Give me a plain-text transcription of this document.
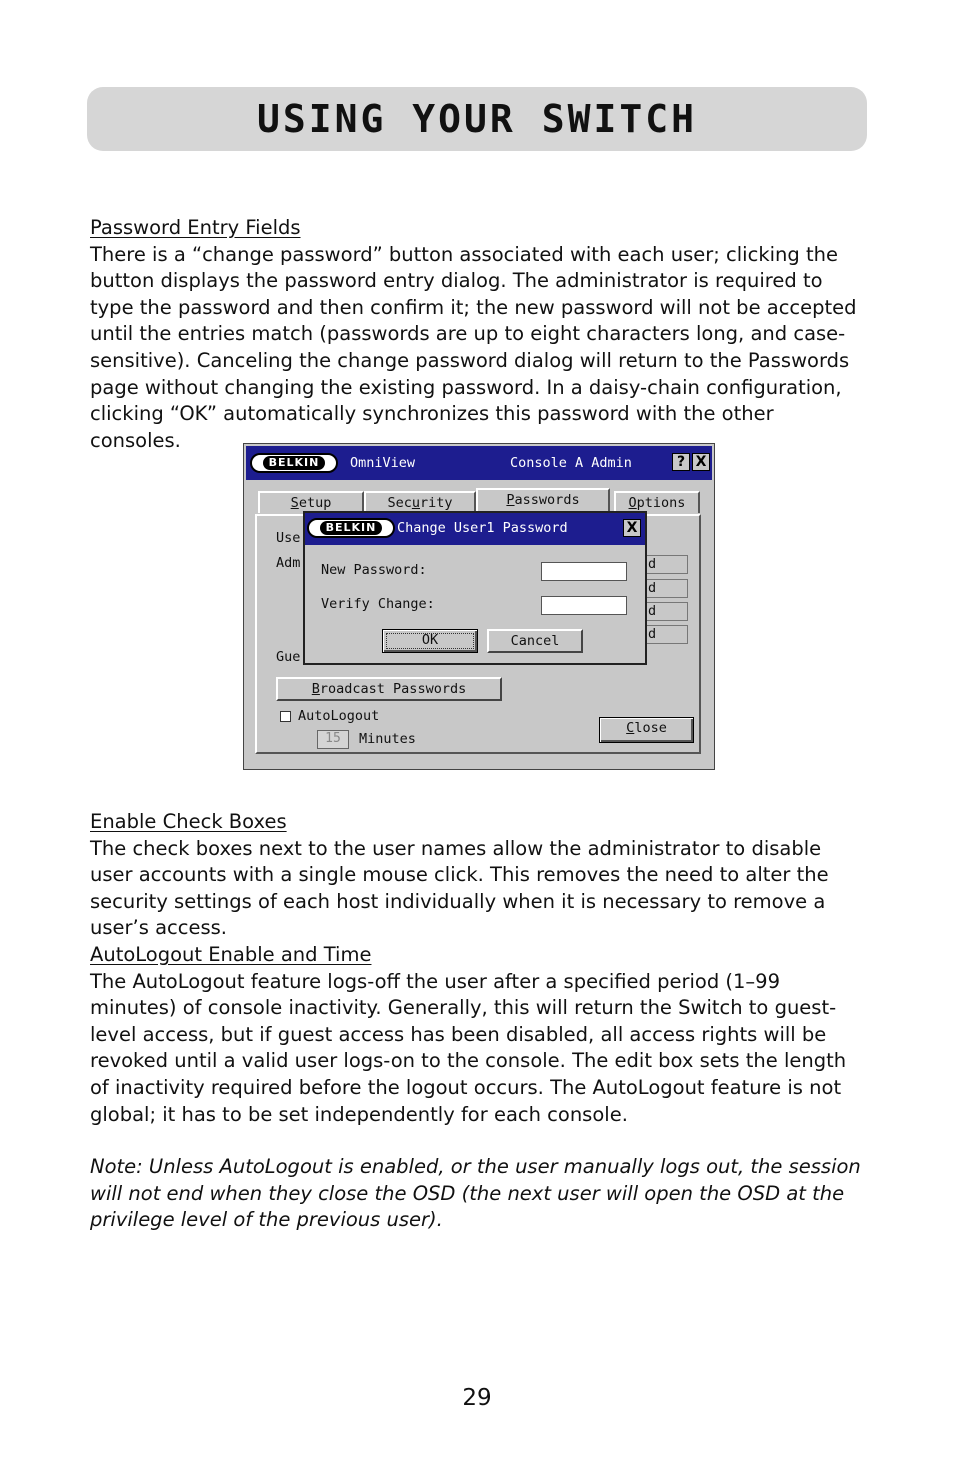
USING YOUR SWITCH
Password Entry Fields

There is a “change password” button associated with each user; clicking the button displays the password entry dialog. The administrator is required to type the password and then confirm it; the new password will not be accepted until the entries match (passwords are up to eight characters long, and case-sensitive). Canceling the change password dialog will return to the Passwords page without changing the existing password. In a daisy-chain configuration, clicking “OK” automatically synchronizes this password with the other consoles.

BELKIN	OmniView	Console A Admin	? X
Setup	Security	Passwords	Options
Use
Adm
Gue
d
d
d
d
Broadcast Passwords
AutoLogout
15	Minutes
Close
BELKIN	Change User1 Password	X
New Password:
Verify Change:
OK	Cancel
Enable Check Boxes

The check boxes next to the user names allow the administrator to disable user accounts with a single mouse click. This removes the need to alter the security settings of each host individually when it is necessary to remove a user’s access.

AutoLogout Enable and Time

The AutoLogout feature logs-off the user after a specified period (1–99 minutes) of console inactivity. Generally, this will return the Switch to guest-level access, but if guest access has been disabled, all access rights will be revoked until a valid user logs-on to the console. The edit box sets the length of inactivity required before the logout occurs. The AutoLogout feature is not global; it has to be set independently for each console.

Note: Unless AutoLogout is enabled, or the user manually logs out, the session will not end when they close the OSD (the next user will open the OSD at the privilege level of the previous user).

29
